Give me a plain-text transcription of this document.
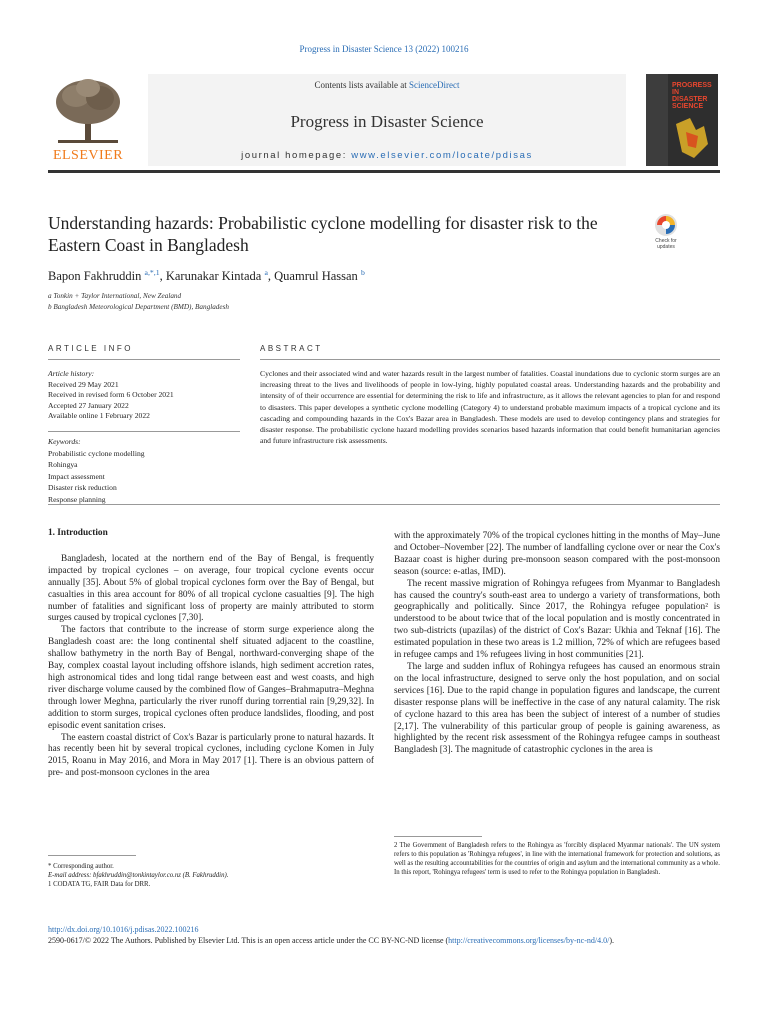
Progress in Disaster Science 13 (2022) 100216
ELSEVIER
Contents lists available at ScienceDirect
Progress in Disaster Science
journal homepage: www.elsevier.com/locate/pdisas
PROGRESS IN DISASTER SCIENCE
Understanding hazards: Probabilistic cyclone modelling for disaster risk to the Eastern Coast in Bangladesh	Check for updates
Bapon Fakhruddin $^{a,*,1}$, Karunakar Kintada $^a$, Quamrul Hassan $^b$
a Tonkin + Taylor International, New Zealand
b Bangladesh Meteorological Department (BMD), Bangladesh
ARTICLE INFO	ABSTRACT
Article history:
Received 29 May 2021
Received in revised form 6 October 2021
Accepted 27 January 2022
Available online 1 February 2022
Keywords:
Probabilistic cyclone modelling
Rohingya
Impact assessment
Disaster risk reduction
Response planning

Cyclones and their associated wind and water hazards result in the largest number of fatalities. Coastal inundations due to cyclonic storm surges are an increasing threat to the lives and livelihoods of people in low-lying, highly populated coastal areas. Understanding hazards and the probability and intensity of of their occurrence are essential for determining the risk to life and infrastructure, as it allows the relevant agencies to plan for and respond to disasters. This paper developes a synthetic cyclone modelling (Category 4) to understand probable maximum impacts of a tropical cyclone and its cascading and compounding hazards in the Cox's Bazar area in Bangladesh. These models are used to develop contingency plans and strategies for disaster response. The probabilistic cyclone hazard modelling provides scenarios based hazards information that could benefit humanitarian agencies and future infrastructure risk assessments.

1. Introduction

Bangladesh, located at the northern end of the Bay of Bengal, is frequently impacted by tropical cyclones – on average, four tropical cyclone events occur annually [35]. About 5% of global tropical cyclones form over the Bay of Bengal, but casualties in this area account for 80% of all tropical cyclone casualties [9]. The high number of fatalities and significant loss of property are mainly attributed to storm surges caused by tropical cyclones [7,30].

The factors that contribute to the increase of storm surge experience along the Bangladesh coast are: the long continental shelf situated adjacent to the coastline, shallow bathymetry in the north Bay of Bengal, northward-converging shape of the Bay, complex coastal layout including offshore islands, high sediment accretion rates, high astronomical tides and long tidal range between east and west coasts, and high river discharge volume caused by the combined flow of Ganges–Brahmaputra–Meghna through lower Meghna, particularly the river runoff during torrential rain [9,29,32]. In addition to storm surges, tropical cyclones often produce landslides, flooding, and post episodic event sanitation crises.

The eastern coastal district of Cox's Bazar is particularly prone to natural hazards. It has recently been hit by several tropical cyclones, including cyclone Komen in July 2015, Roanu in May 2016, and Mora in May 2017 [1]. There is an obvious pattern of pre- and post-monsoon cyclones in the area

with the approximately 70% of the tropical cyclones hitting in the months of May–June and October–November [22]. The number of landfalling cyclone over or near the Cox's Bazaar coast is higher during pre-monsoon season compared with the post-monsoon season (source: e-atlas, IMD).

The recent massive migration of Rohingya refugees from Myanmar to Bangladesh has caused the country's south-east area to undergo a variety of transformations, both geographically and politically. Since 2017, the Rohingya refugee population² is understood to be about twice that of the local population and is mostly concentrated in two sub-districts (upazilas) of the district of Cox's Bazar: Ukhia and Teknaf [16]. The estimated population in these two areas is 1.2 million, 72% of which are refugees based in refugee camps and 1% refugees living in host communities [21].

The large and sudden influx of Rohingya refugees has caused an enormous strain on the local infrastructure, designed to serve only the host population, and on social services [16]. Due to the rapid change in population figures and landscape, the current disaster response plans will be ineffective in the case of any natural calamity. The risk of cyclone hazard to this area has been the subject of interest of a number of studies [2,17]. The vulnerability of this particular group of people is gaining awareness, as highlighted by the recent risk assessment of the Rohingya refugee camps in southeast Bangladesh [3]. The magnitude of catastrophic cyclones in the area is

* Corresponding author.
E-mail address: bfakhruddin@tonkintaylor.co.nz (B. Fakhruddin).
1 CODATA TG, FAIR Data for DRR.
2 The Government of Bangladesh refers to the Rohingya as 'forcibly displaced Myanmar nationals'. The UN system refers to this population as 'Rohingya refugees', in line with the international framework for protection and solutions, as well as the resulting accountabilities for the countries of origin and asylum and the international community as a whole. In this report, 'Rohingya refugees' term is used to refer to the Rohingya population in Bangladesh.
http://dx.doi.org/10.1016/j.pdisas.2022.100216
2590-0617/© 2022 The Authors. Published by Elsevier Ltd. This is an open access article under the CC BY-NC-ND license (http://creativecommons.org/licenses/by-nc-nd/4.0/).
